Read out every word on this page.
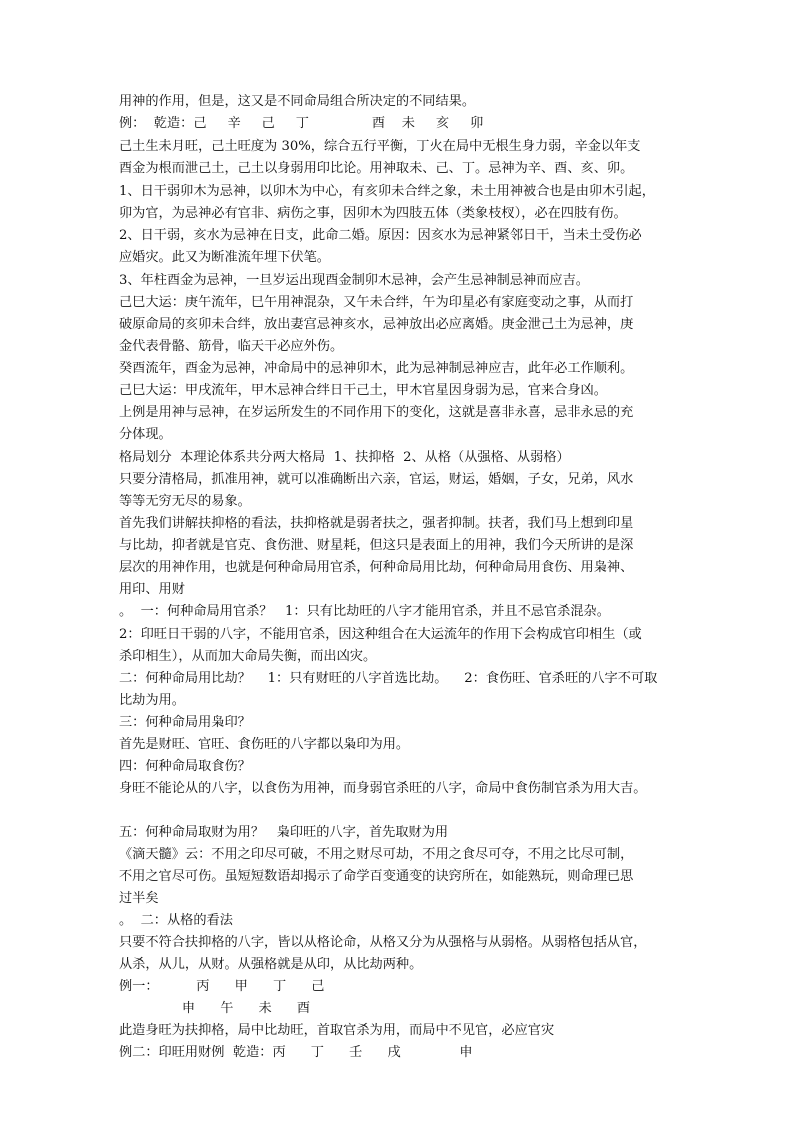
用神的作用，但是，这又是不同命局组合所决定的不同结果。
例：  乾造：己     辛     己     丁               酉    未     亥     卯
己土生未月旺，己土旺度为 30%，综合五行平衡，丁火在局中无根生身力弱，辛金以年支
酉金为根而泄己土，己土以身弱用印比论。用神取未、己、丁。忌神为辛、酉、亥、卯。
1、日干弱卯木为忌神，以卯木为中心，有亥卯未合绊之象，未土用神被合也是由卯木引起，
卯为官，为忌神必有官非、病伤之事，因卯木为四肢五体（类象枝杈），必在四肢有伤。
2、日干弱，亥水为忌神在日支，此命二婚。原因：因亥水为忌神紧邻日干，当未土受伤必
应婚灾。此又为断准流年埋下伏笔。
3、年柱酉金为忌神，一旦岁运出现酉金制卯木忌神，会产生忌神制忌神而应吉。
己巳大运：庚午流年，巳午用神混杂，又午未合绊，午为印星必有家庭变动之事，从而打
破原命局的亥卯未合绊，放出妻宫忌神亥水，忌神放出必应离婚。庚金泄己土为忌神，庚
金代表骨骼、筋骨，临天干必应外伤。
癸酉流年，酉金为忌神，冲命局中的忌神卯木，此为忌神制忌神应吉，此年必工作顺利。
己巳大运：甲戌流年，甲木忌神合绊日干己土，甲木官星因身弱为忌，官来合身凶。
上例是用神与忌神，在岁运所发生的不同作用下的变化，这就是喜非永喜，忌非永忌的充
分体现。
格局划分  本理论体系共分两大格局  1、扶抑格  2、从格（从强格、从弱格）
只要分清格局，抓准用神，就可以准确断出六亲，官运，财运，婚姻，子女，兄弟，风水
等等无穷无尽的易象。
首先我们讲解扶抑格的看法，扶抑格就是弱者扶之，强者抑制。扶者，我们马上想到印星
与比劫，抑者就是官克、食伤泄、财星耗，但这只是表面上的用神，我们今天所讲的是深
层次的用神作用，也就是何种命局用官杀，何种命局用比劫，何种命局用食伤、用枭神、
用印、用财
。  一：何种命局用官杀？   1：只有比劫旺的八字才能用官杀，并且不忌官杀混杂。
2：印旺日干弱的八字，不能用官杀，因这种组合在大运流年的作用下会构成官印相生（或
杀印相生），从而加大命局失衡，而出凶灾。
二：何种命局用比劫？    1：只有财旺的八字首选比劫。    2：食伤旺、官杀旺的八字不可取
比劫为用。
三：何种命局用枭印？
首先是财旺、官旺、食伤旺的八字都以枭印为用。
四：何种命局取食伤？
身旺不能论从的八字，以食伤为用神，而身弱官杀旺的八字，命局中食伤制官杀为用大吉。
五：何种命局取财为用？   枭印旺的八字，首先取财为用
《滴天髓》云：不用之印尽可破，不用之财尽可劫，不用之食尽可夺，不用之比尽可制，
不用之官尽可伤。虽短短数语却揭示了命学百变通变的诀窍所在，如能熟玩，则命理已思
过半矣
。  二：从格的看法
只要不符合扶抑格的八字，皆以从格论命，从格又分为从强格与从弱格。从弱格包括从官，
从杀，从儿，从财。从强格就是从印，从比劫两种。
例一：         丙      甲      丁      己
申      午      未      酉
此造身旺为扶抑格，局中比劫旺，首取官杀为用，而局中不见官，必应官灾
例二：印旺用财例  乾造：丙      丁      壬      戌              申
